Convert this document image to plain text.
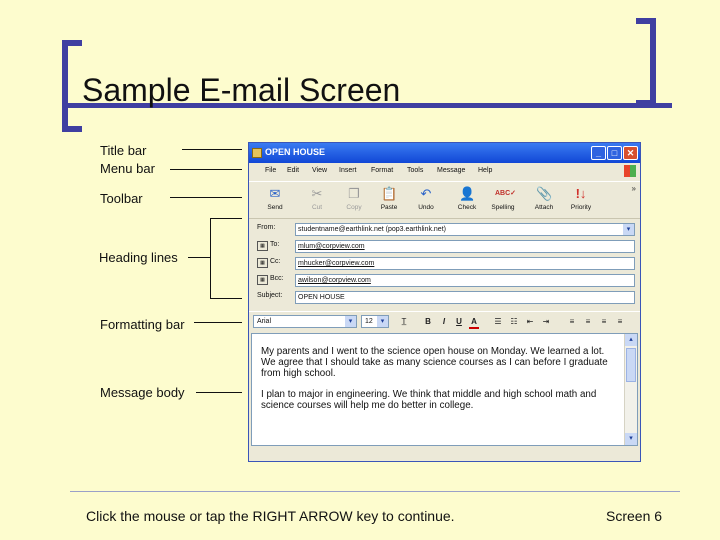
Sample E-mail Screen
Title bar
Menu bar
Toolbar
Heading lines
Formatting bar
Message body
OPEN HOUSE	_	□	✕
File Edit View Insert Format Tools Message Help
✉
Send
✂
Cut
❐
Copy
📋
Paste
↶
Undo
👤
Check
ABC✓
Spelling
📎
Attach
!↓
Priority
»
From:	studentname@earthlink.net (pop3.earthlink.net)	▾
▦ To:	mlum@corpview.com
▦ Cc:	mhucker@corpview.com
▦ Bcc:	awilson@corpview.com
Subject:	OPEN HOUSE
Arial	▾	12	▾	T̲	B	I	U A ☰ ☷ ⇤ ⇥	≡	≡	≡	≡

My parents and I went to the science open house on Monday. We learned a lot. We agree that I should take as many science courses as I can before I graduate from high school.

I plan to major in engineering. We think that middle and high school math and science courses will help me do better in college.

▴
▾
Click the mouse or tap the RIGHT ARROW key to continue.	Screen 6
